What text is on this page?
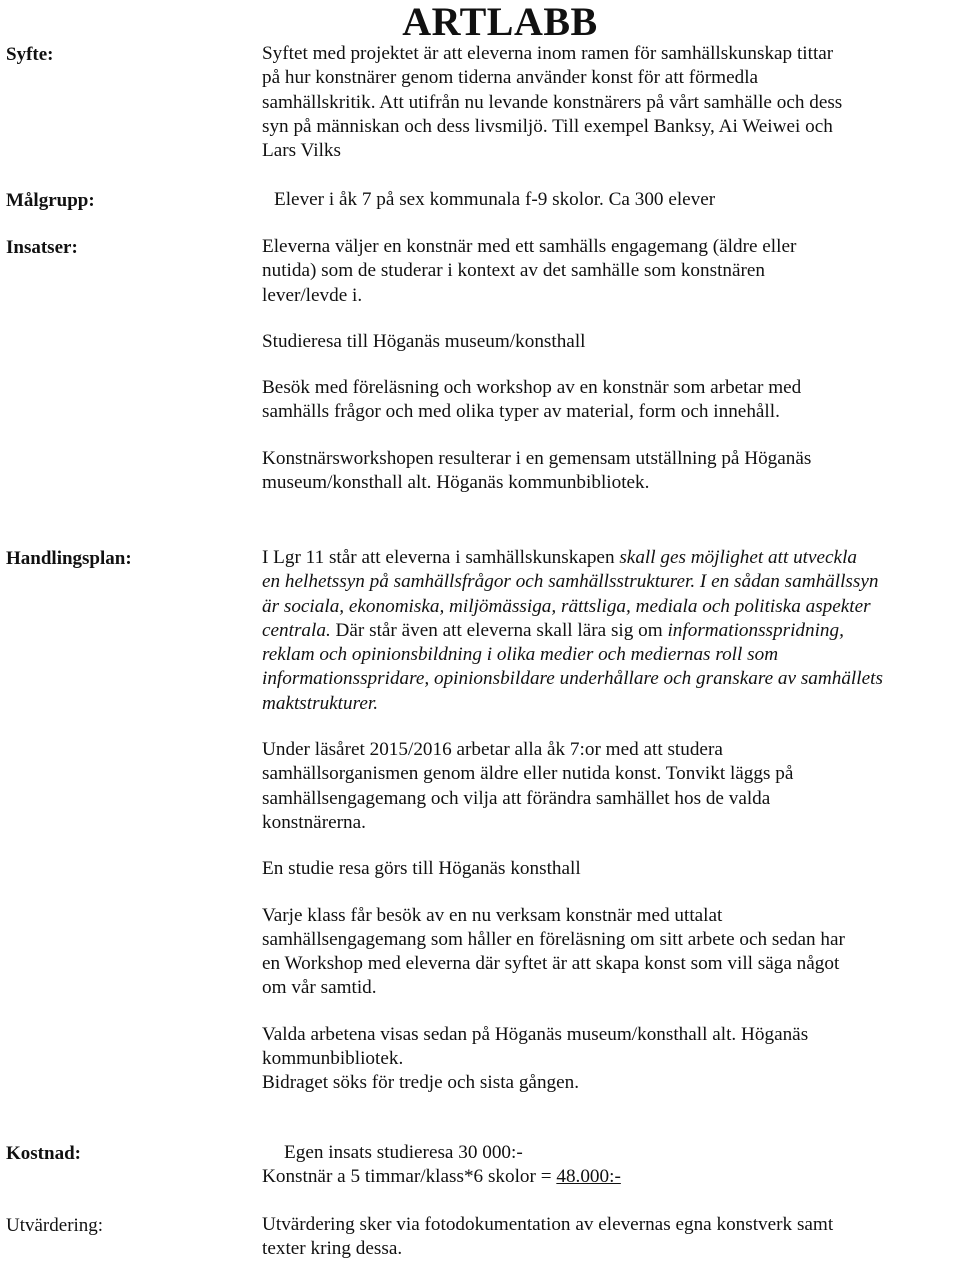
ARTLABB
Syfte:	Syftet med projektet är att eleverna inom ramen för samhällskunskap tittar

på hur konstnärer genom tiderna använder konst för att förmedla

samhällskritik. Att utifrån nu levande konstnärers på vårt samhälle och dess

syn på människan och dess livsmiljö. Till exempel Banksy, Ai Weiwei och

Lars Vilks

Målgrupp:	Elever i åk 7 på sex kommunala f-9 skolor. Ca 300 elever

Insatser:	Eleverna väljer en konstnär med ett samhälls engagemang (äldre eller

nutida) som de studerar i kontext av det samhälle som konstnären

lever/levde i.

Studieresa till Höganäs museum/konsthall

Besök med föreläsning och workshop av en konstnär som arbetar med

samhälls frågor och med olika typer av material, form och innehåll.

Konstnärsworkshopen resulterar i en gemensam utställning på Höganäs

museum/konsthall alt. Höganäs kommunbibliotek.

Handlingsplan:	I Lgr 11 står att eleverna i samhällskunskapen skall ges möjlighet att utveckla
en helhetssyn på samhällsfrågor och samhällsstrukturer. I en sådan samhällssyn
är sociala, ekonomiska, miljömässiga, rättsliga, mediala och politiska aspekter
centrala. Där står även att eleverna skall lära sig om informationsspridning,
reklam och opinionsbildning i olika medier och mediernas roll som
informationsspridare, opinionsbildare underhållare och granskare av samhällets
maktstrukturer.

Under läsåret 2015/2016 arbetar alla åk 7:or med att studera

samhällsorganismen genom äldre eller nutida konst. Tonvikt läggs på

samhällsengagemang och vilja att förändra samhället hos de valda

konstnärerna.

En studie resa görs till Höganäs konsthall

Varje klass får besök av en nu verksam konstnär med uttalat

samhällsengagemang som håller en föreläsning om sitt arbete och sedan har

en Workshop med eleverna där syftet är att skapa konst som vill säga något

om vår samtid.

Valda arbetena visas sedan på Höganäs museum/konsthall alt. Höganäs

kommunbibliotek.

Bidraget söks för tredje och sista gången.

Kostnad:	Egen insats studieresa 30 000:-

Konstnär a 5 timmar/klass*6 skolor = 48.000:-

Utvärdering:	Utvärdering sker via fotodokumentation av elevernas egna konstverk samt

texter kring dessa.
